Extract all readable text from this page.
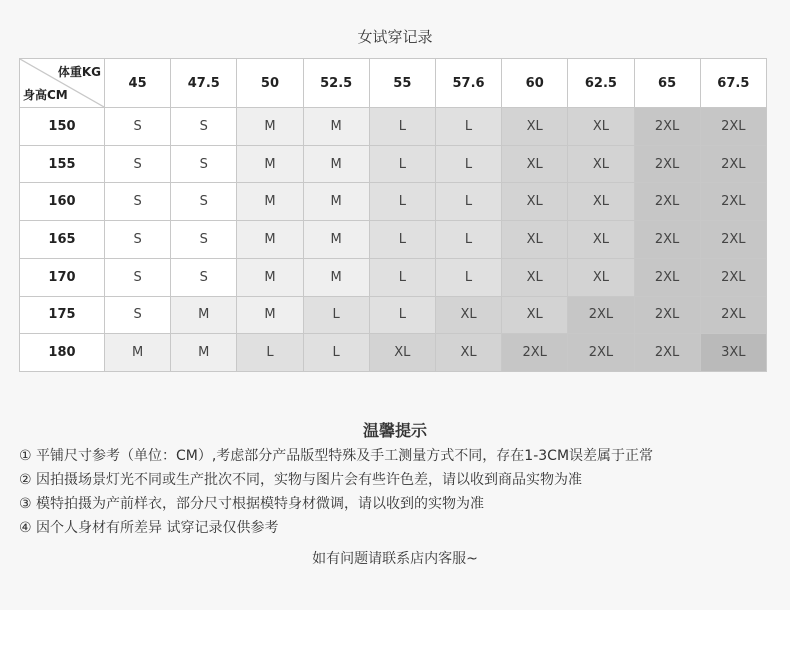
女试穿记录
体重KG
身高CM	45	47.5	50	52.5	55	57.6	60	62.5	65	67.5
150	S	S	M	M	L	L	XL	XL	2XL	2XL
155	S	S	M	M	L	L	XL	XL	2XL	2XL
160	S	S	M	M	L	L	XL	XL	2XL	2XL
165	S	S	M	M	L	L	XL	XL	2XL	2XL
170	S	S	M	M	L	L	XL	XL	2XL	2XL
175	S	M	M	L	L	XL	XL	2XL	2XL	2XL
180	M	M	L	L	XL	XL	2XL	2XL	2XL	3XL
温馨提示
① 平铺尺寸参考（单位：CM）,考虑部分产品版型特殊及手工测量方式不同，存在1-3CM误差属于正常
② 因拍摄场景灯光不同或生产批次不同，实物与图片会有些许色差，请以收到商品实物为准
③ 模特拍摄为产前样衣，部分尺寸根据模特身材微调，请以收到的实物为准
④ 因个人身材有所差异 试穿记录仅供参考
如有问题请联系店内客服~
